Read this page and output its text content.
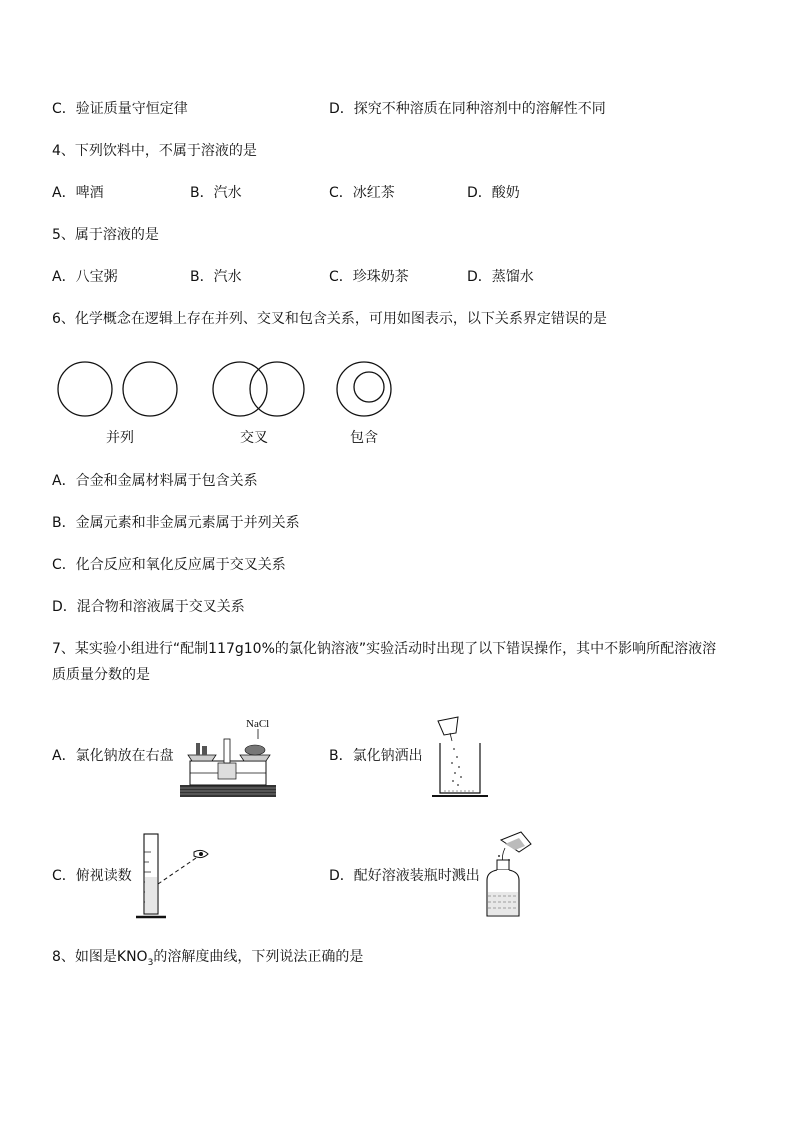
C．验证质量守恒定律	D．探究不种溶质在同种溶剂中的溶解性不同
4、下列饮料中，不属于溶液的是
A．啤酒	B．汽水	C．冰红茶	D．酸奶
5、属于溶液的是
A．八宝粥	B．汽水	C．珍珠奶茶	D．蒸馏水
6、化学概念在逻辑上存在并列、交叉和包含关系，可用如图表示，以下关系界定错误的是
并列	交叉	包含
A．合金和金属材料属于包含关系
B．金属元素和非金属元素属于并列关系
C．化合反应和氧化反应属于交叉关系
D．混合物和溶液属于交叉关系
7、某实验小组进行“配制117g10%的氯化钠溶液”实验活动时出现了以下错误操作，其中不影响所配溶液溶
质质量分数的是
A．氯化钠放在右盘
NaCl
B．氯化钠洒出
C．俯视读数	D．配好溶液装瓶时溅出
8、如图是$KNO_3$的溶解度曲线，下列说法正确的是
